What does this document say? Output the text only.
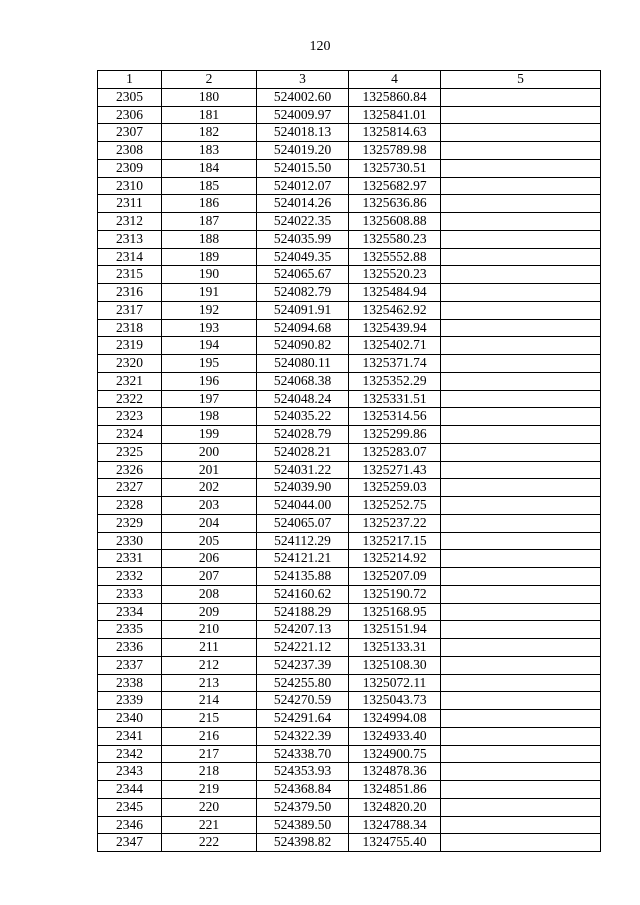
120
1	2	3	4	5
2305	180	524002.60	1325860.84	
2306	181	524009.97	1325841.01	
2307	182	524018.13	1325814.63	
2308	183	524019.20	1325789.98	
2309	184	524015.50	1325730.51	
2310	185	524012.07	1325682.97	
2311	186	524014.26	1325636.86	
2312	187	524022.35	1325608.88	
2313	188	524035.99	1325580.23	
2314	189	524049.35	1325552.88	
2315	190	524065.67	1325520.23	
2316	191	524082.79	1325484.94	
2317	192	524091.91	1325462.92	
2318	193	524094.68	1325439.94	
2319	194	524090.82	1325402.71	
2320	195	524080.11	1325371.74	
2321	196	524068.38	1325352.29	
2322	197	524048.24	1325331.51	
2323	198	524035.22	1325314.56	
2324	199	524028.79	1325299.86	
2325	200	524028.21	1325283.07	
2326	201	524031.22	1325271.43	
2327	202	524039.90	1325259.03	
2328	203	524044.00	1325252.75	
2329	204	524065.07	1325237.22	
2330	205	524112.29	1325217.15	
2331	206	524121.21	1325214.92	
2332	207	524135.88	1325207.09	
2333	208	524160.62	1325190.72	
2334	209	524188.29	1325168.95	
2335	210	524207.13	1325151.94	
2336	211	524221.12	1325133.31	
2337	212	524237.39	1325108.30	
2338	213	524255.80	1325072.11	
2339	214	524270.59	1325043.73	
2340	215	524291.64	1324994.08	
2341	216	524322.39	1324933.40	
2342	217	524338.70	1324900.75	
2343	218	524353.93	1324878.36	
2344	219	524368.84	1324851.86	
2345	220	524379.50	1324820.20	
2346	221	524389.50	1324788.34	
2347	222	524398.82	1324755.40	
